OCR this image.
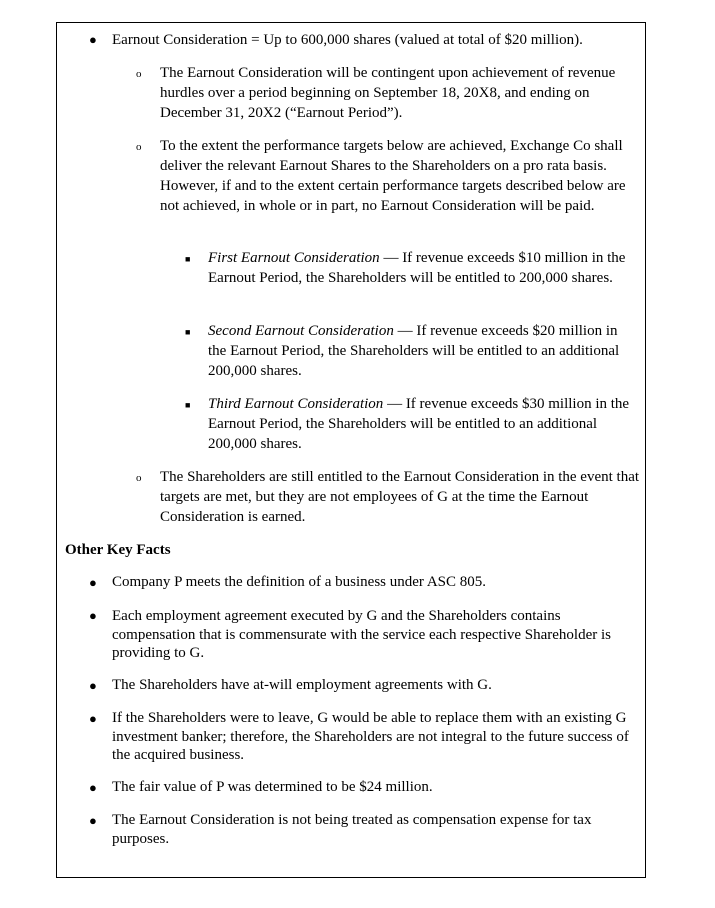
● Earnout Consideration = Up to 600,000 shares (valued at total of $20 million).
o The Earnout Consideration will be contingent upon achievement of revenue hurdles over a period beginning on September 18, 20X8, and ending on December 31, 20X2 (“Earnout Period”).
o To the extent the performance targets below are achieved, Exchange Co shall deliver the relevant Earnout Shares to the Shareholders on a pro rata basis. However, if and to the extent certain performance targets described below are not achieved, in whole or in part, no Earnout Consideration will be paid.
■ First Earnout Consideration — If revenue exceeds $10 million in the Earnout Period, the Shareholders will be entitled to 200,000 shares.
■ Second Earnout Consideration — If revenue exceeds $20 million in the Earnout Period, the Shareholders will be entitled to an additional 200,000 shares.
■ Third Earnout Consideration — If revenue exceeds $30 million in the Earnout Period, the Shareholders will be entitled to an additional 200,000 shares.
o The Shareholders are still entitled to the Earnout Consideration in the event that targets are met, but they are not employees of G at the time the Earnout Consideration is earned.
Other Key Facts
● Company P meets the definition of a business under ASC 805.
● Each employment agreement executed by G and the Shareholders contains compensation that is commensurate with the service each respective Shareholder is providing to G.
● The Shareholders have at-will employment agreements with G.
● If the Shareholders were to leave, G would be able to replace them with an existing G investment banker; therefore, the Shareholders are not integral to the future success of the acquired business.
● The fair value of P was determined to be $24 million.
● The Earnout Consideration is not being treated as compensation expense for tax purposes.
